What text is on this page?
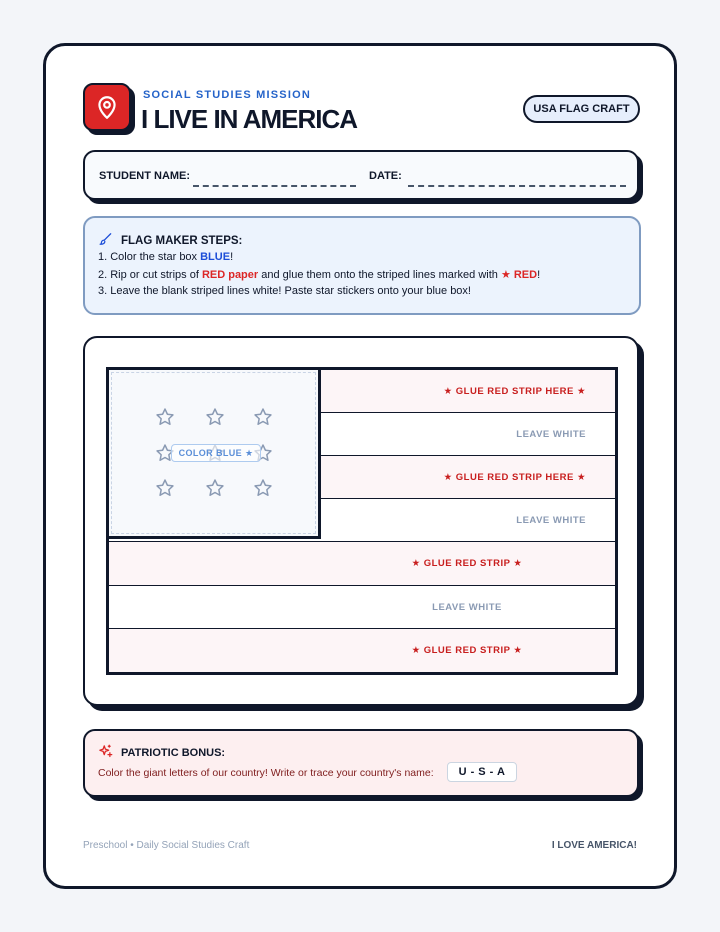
SOCIAL STUDIES MISSION
I LIVE IN AMERICA	USA FLAG CRAFT
STUDENT NAME:	DATE:
FLAG MAKER STEPS:
1. Color the star box BLUE!
2. Rip or cut strips of RED paper and glue them onto the striped lines marked with ★ RED!
3. Leave the blank striped lines white! Paste star stickers onto your blue box!
★ GLUE RED STRIP HERE ★
LEAVE WHITE
★ GLUE RED STRIP HERE ★
LEAVE WHITE
★ GLUE RED STRIP ★
LEAVE WHITE
★ GLUE RED STRIP ★
COLOR BLUE ★
PATRIOTIC BONUS:
Color the giant letters of our country! Write or trace your country's name:	U - S - A
Preschool • Daily Social Studies Craft	I LOVE AMERICA!
